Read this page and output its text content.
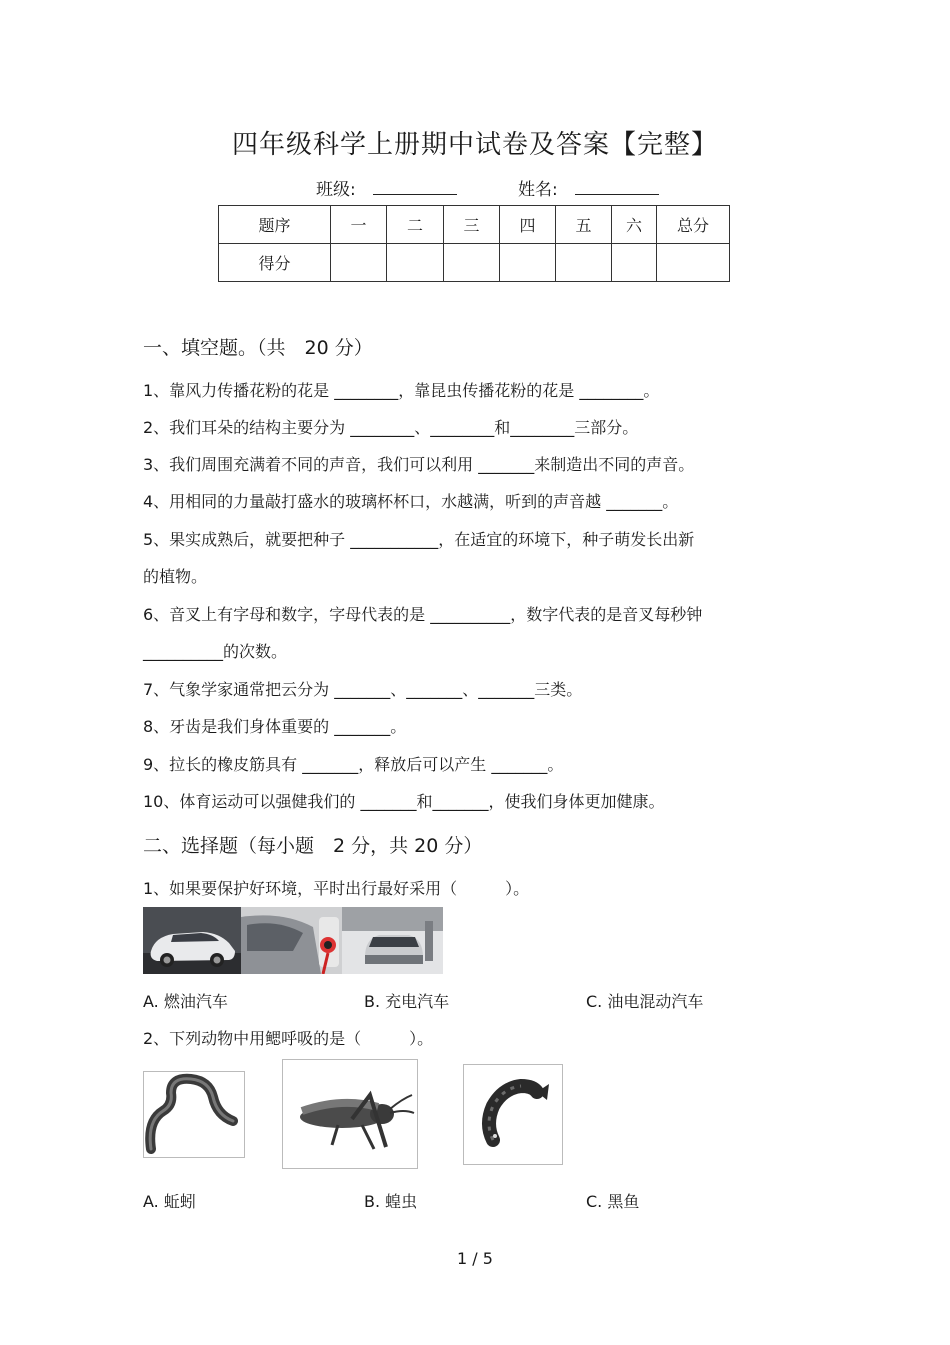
四年级科学上册期中试卷及答案【完整】
班级:	姓名:
题序	一	二	三	四	五	六	总分
得分							
一、填空题。（共　20 分）
1、靠风力传播花粉的花是 ________，靠昆虫传播花粉的花是 ________。
2、我们耳朵的结构主要分为 ________、________和________三部分。
3、我们周围充满着不同的声音，我们可以利用 _______来制造出不同的声音。
4、用相同的力量敲打盛水的玻璃杯杯口，水越满，听到的声音越 _______。
5、果实成熟后，就要把种子 ___________，在适宜的环境下，种子萌发长出新
的植物。
6、音叉上有字母和数字，字母代表的是 __________，数字代表的是音叉每秒钟
__________的次数。
7、气象学家通常把云分为 _______、_______、_______三类。
8、牙齿是我们身体重要的 _______。
9、拉长的橡皮筋具有 _______，释放后可以产生 _______。
10、体育运动可以强健我们的 _______和_______，使我们身体更加健康。
二、选择题（每小题　2 分，共 20 分）
1、如果要保护好环境，平时出行最好采用（　　　）。
A. 燃油汽车	B. 充电汽车	C. 油电混动汽车
2、下列动物中用鳃呼吸的是（　　　）。
A. 蚯蚓	B. 蝗虫	C. 黑鱼
1 / 5
